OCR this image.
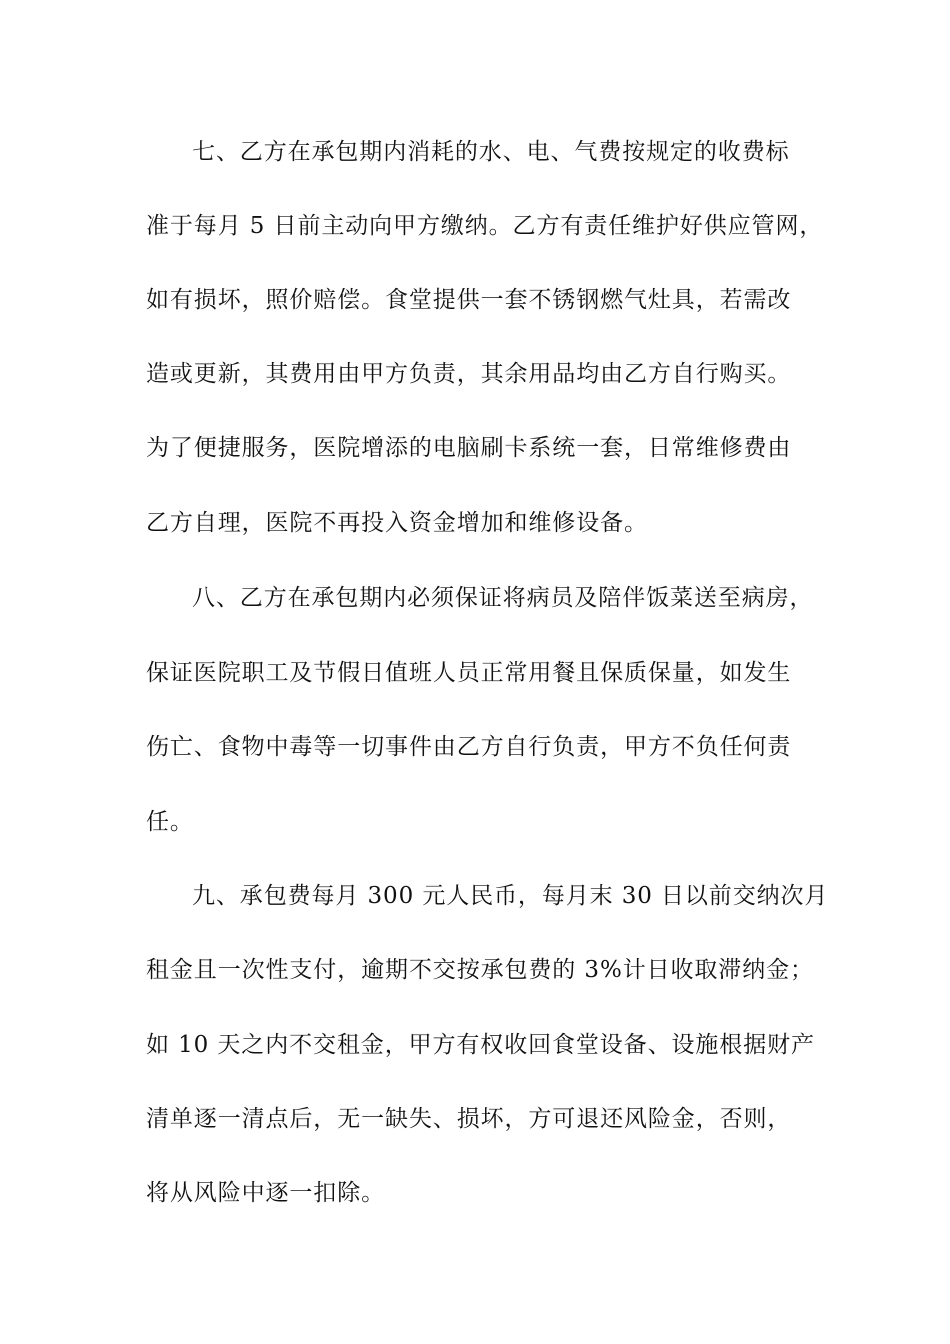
七、乙方在承包期内消耗的水、电、气费按规定的收费标
准于每月 5 日前主动向甲方缴纳。乙方有责任维护好供应管网，
如有损坏，照价赔偿。食堂提供一套不锈钢燃气灶具，若需改
造或更新，其费用由甲方负责，其余用品均由乙方自行购买。
为了便捷服务，医院增添的电脑刷卡系统一套，日常维修费由
乙方自理，医院不再投入资金增加和维修设备。
八、乙方在承包期内必须保证将病员及陪伴饭菜送至病房，
保证医院职工及节假日值班人员正常用餐且保质保量，如发生
伤亡、食物中毒等一切事件由乙方自行负责，甲方不负任何责
任。
九、承包费每月 300 元人民币，每月末 30 日以前交纳次月
租金且一次性支付，逾期不交按承包费的 3%计日收取滞纳金；
如 10 天之内不交租金，甲方有权收回食堂设备、设施根据财产
清单逐一清点后，无一缺失、损坏，方可退还风险金，否则，
将从风险中逐一扣除。
